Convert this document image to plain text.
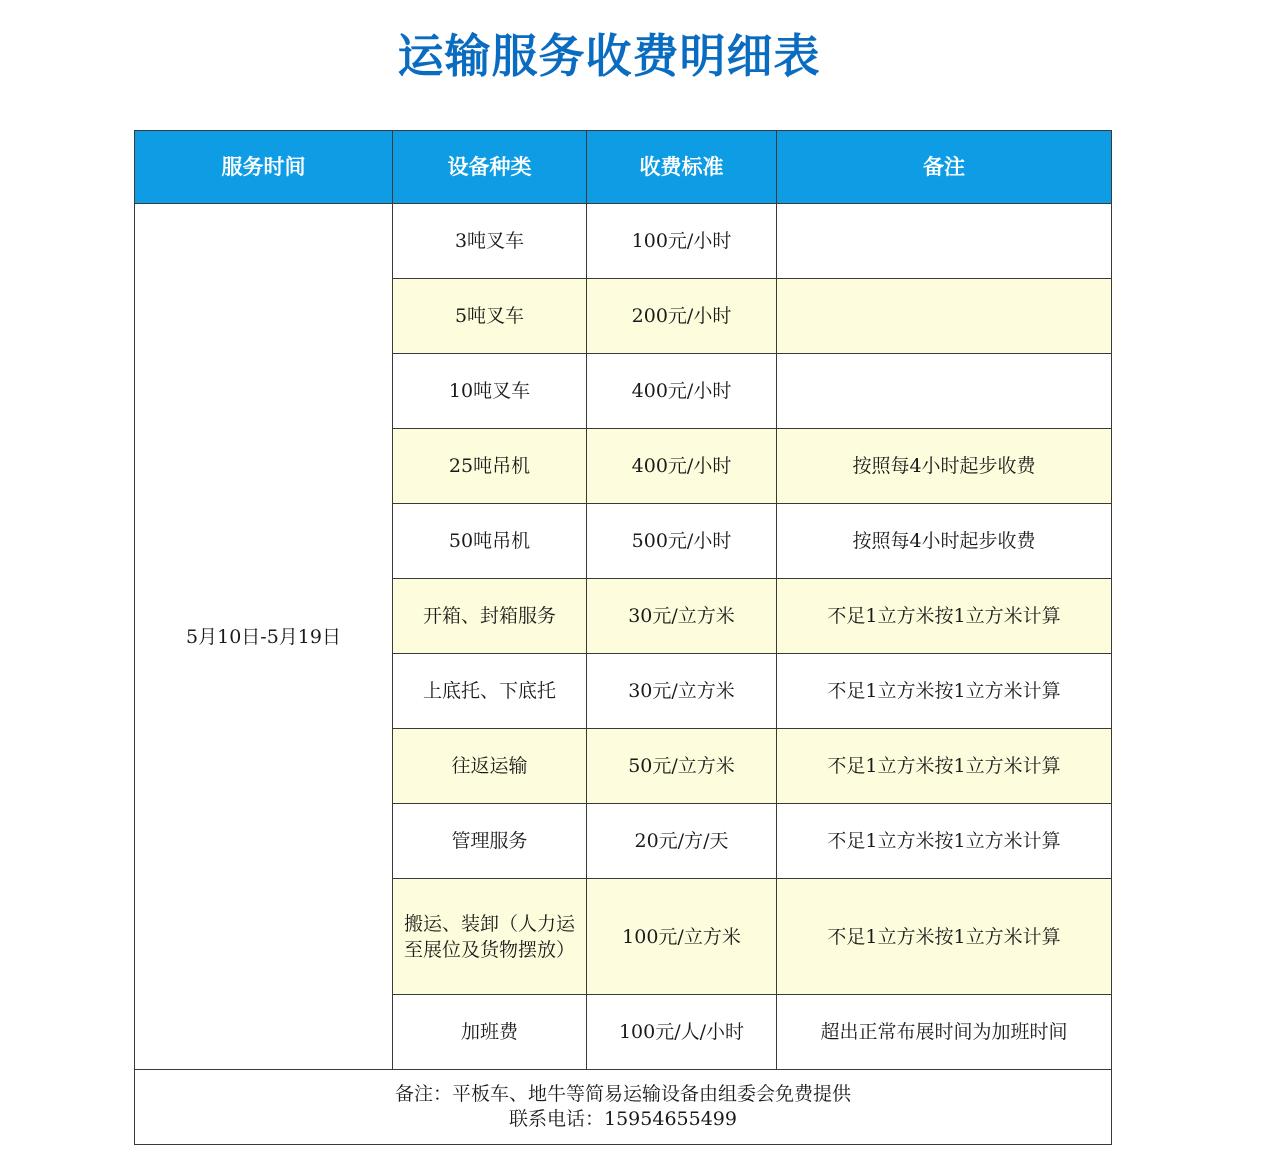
运输服务收费明细表
服务时间	设备种类	收费标准	备注
5月10日-5月19日	3吨叉车	100元/小时	
	5吨叉车	200元/小时	
	10吨叉车	400元/小时	
	25吨吊机	400元/小时	按照每4小时起步收费
	50吨吊机	500元/小时	按照每4小时起步收费
	开箱、封箱服务	30元/立方米	不足1立方米按1立方米计算
	上底托、下底托	30元/立方米	不足1立方米按1立方米计算
	往返运输	50元/立方米	不足1立方米按1立方米计算
	管理服务	20元/方/天	不足1立方米按1立方米计算
	搬运、装卸（人力运至展位及货物摆放）	100元/立方米	不足1立方米按1立方米计算
	加班费	100元/人/小时	超出正常布展时间为加班时间

备注：平板车、地牛等简易运输设备由组委会免费提供
联系电话：15954655499			
